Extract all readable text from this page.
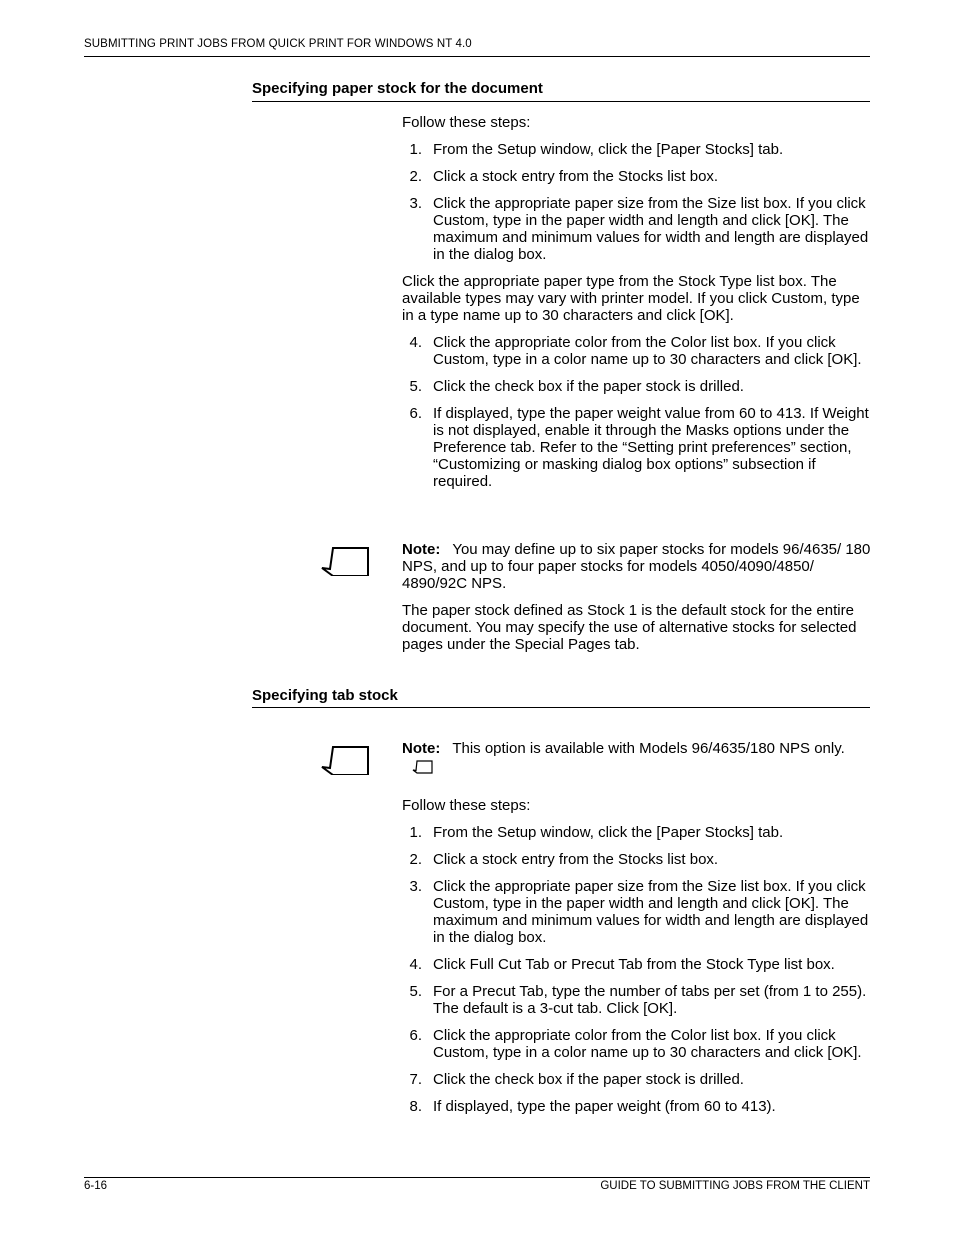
SUBMITTING PRINT JOBS FROM QUICK PRINT FOR WINDOWS NT 4.0
Specifying paper stock for the document
Follow these steps:
1. From the Setup window, click the [Paper Stocks] tab.
2. Click a stock entry from the Stocks list box.
3. Click the appropriate paper size from the Size list box. If you click Custom, type in the paper width and length and click [OK]. The maximum and minimum values for width and length are displayed in the dialog box.
Click the appropriate paper type from the Stock Type list box. The available types may vary with printer model. If you click Custom, type in a type name up to 30 characters and click [OK].
4. Click the appropriate color from the Color list box. If you click Custom, type in a color name up to 30 characters and click [OK].
5. Click the check box if the paper stock is drilled.
6. If displayed, type the paper weight value from 60 to 413. If Weight is not displayed, enable it through the Masks options under the Preference tab. Refer to the “Setting print preferences” section, “Customizing or masking dialog box options” subsection if required.
Note: You may define up to six paper stocks for models 96/4635/ 180 NPS, and up to four paper stocks for models 4050/4090/4850/ 4890/92C NPS.
The paper stock defined as Stock 1 is the default stock for the entire document. You may specify the use of alternative stocks for selected pages under the Special Pages tab.
Specifying tab stock
Note: This option is available with Models 96/4635/180 NPS only.
Follow these steps:
1. From the Setup window, click the [Paper Stocks] tab.
2. Click a stock entry from the Stocks list box.
3. Click the appropriate paper size from the Size list box. If you click Custom, type in the paper width and length and click [OK]. The maximum and minimum values for width and length are displayed in the dialog box.
4. Click Full Cut Tab or Precut Tab from the Stock Type list box.
5. For a Precut Tab, type the number of tabs per set (from 1 to 255). The default is a 3-cut tab. Click [OK].
6. Click the appropriate color from the Color list box. If you click Custom, type in a color name up to 30 characters and click [OK].
7. Click the check box if the paper stock is drilled.
8. If displayed, type the paper weight (from 60 to 413).
6-16	GUIDE TO SUBMITTING JOBS FROM THE CLIENT
